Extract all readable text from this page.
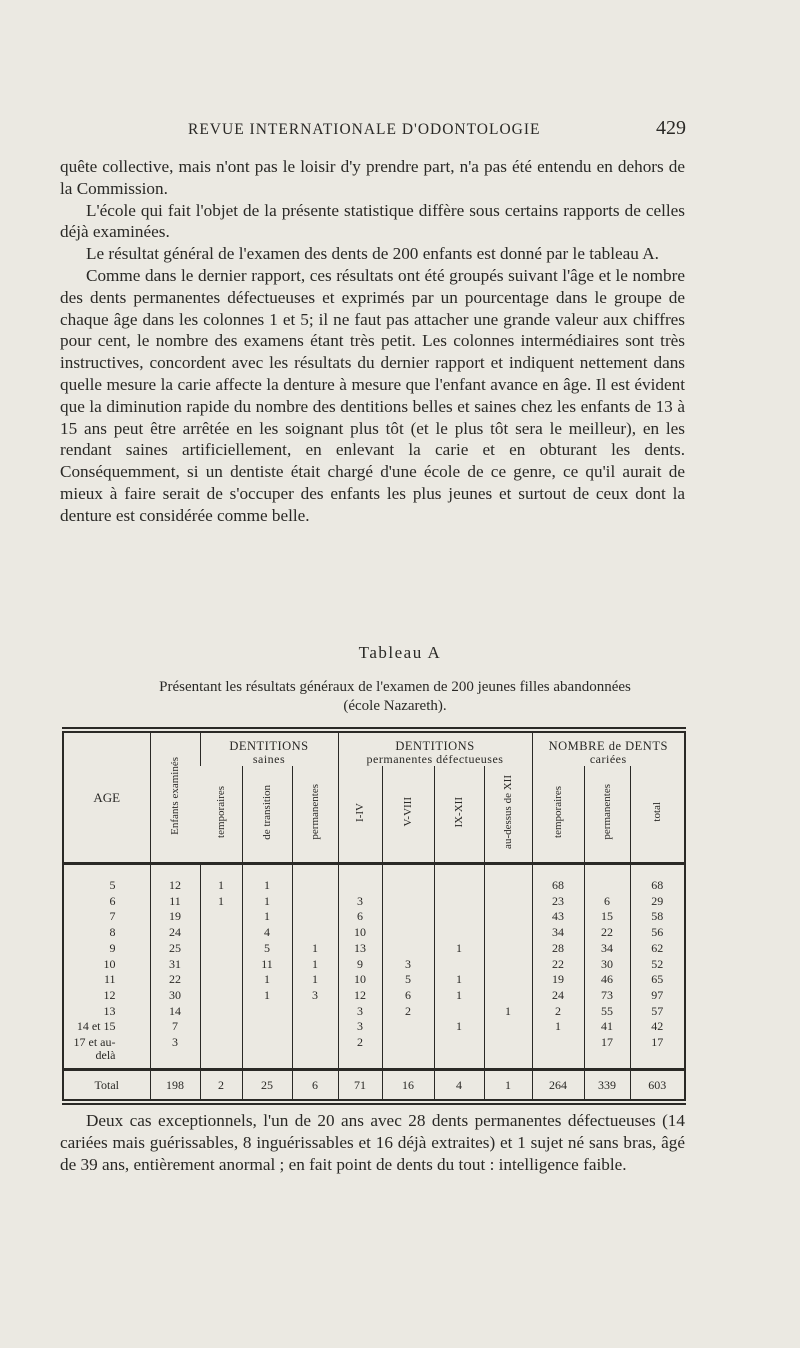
REVUE INTERNATIONALE D'ODONTOLOGIE	429

quête collective, mais n'ont pas le loisir d'y prendre part, n'a pas été entendu en dehors de la Commission.

L'école qui fait l'objet de la présente statistique diffère sous certains rapports de celles déjà examinées.

Le résultat général de l'examen des dents de 200 enfants est donné par le tableau A.

Comme dans le dernier rapport, ces résultats ont été groupés suivant l'âge et le nombre des dents permanentes défectueuses et exprimés par un pourcentage dans le groupe de chaque âge dans les colonnes 1 et 5; il ne faut pas attacher une grande valeur aux chiffres pour cent, le nombre des examens étant très petit. Les colonnes intermédiaires sont très instructives, concordent avec les résultats du dernier rapport et indiquent nettement dans quelle mesure la carie affecte la denture à mesure que l'enfant avance en âge. Il est évident que la diminution rapide du nombre des dentitions belles et saines chez les enfants de 13 à 15 ans peut être arrêtée en les soignant plus tôt (et le plus tôt sera le meilleur), en les rendant saines artificiellement, en enlevant la carie et en obturant les dents. Conséquemment, si un dentiste était chargé d'une école de ce genre, ce qu'il aurait de mieux à faire serait de s'occuper des enfants les plus jeunes et surtout de ceux dont la denture est considérée comme belle.

Tableau A
Présentant les résultats généraux de l'examen de 200 jeunes filles abandonnées
(école Nazareth).
AGE	Enfants examinés	DENTITIONS
saines			DENTITIONS
permanentes défectueuses				NOMBRE de DENTS
cariées		

		temporaires	de transition	permanentes	I-IV	V-VIII	IX-XII	au-dessus de XII	temporaires	permanentes	total

5	12	1	1						68		68
6	11	1	1		3				23	6	29
7	19		1		6				43	15	58
8	24		4		10				34	22	56
9	25		5	1	13		1		28	34	62
10	31		11	1	9	3			22	30	52
11	22		1	1	10	5	1		19	46	65
12	30		1	3	12	6	1		24	73	97
13	14				3	2		1	2	55	57
14 et 15	7				3		1		1	41	42
17 et au-delà	3				2					17	17

Total	198	2	25	6	71	16	4	1	264	339	603

Deux cas exceptionnels, l'un de 20 ans avec 28 dents permanentes défectueuses (14 cariées mais guérissables, 8 inguérissables et 16 déjà extraites) et 1 sujet né sans bras, âgé de 39 ans, entièrement anormal ; en fait point de dents du tout : intelligence faible.
